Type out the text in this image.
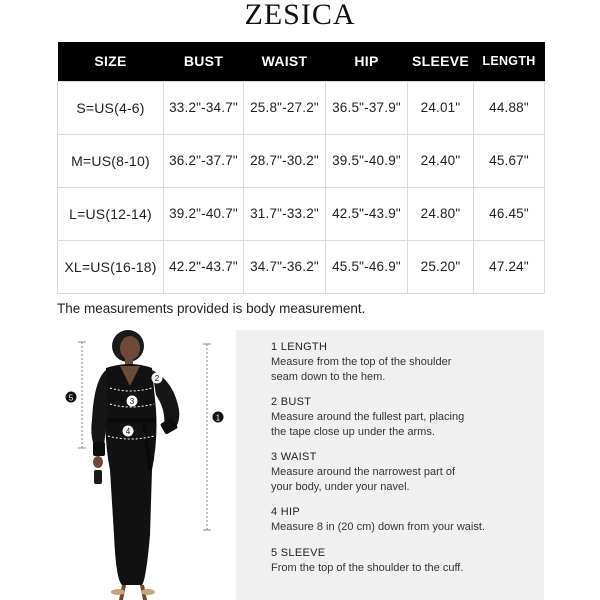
ZESICA
SIZE	BUST	WAIST	HIP	SLEEVE	LENGTH
S=US(4-6)	33.2"-34.7"	25.8"-27.2"	36.5"-37.9"	24.01"	44.88"
M=US(8-10)	36.2"-37.7"	28.7"-30.2"	39.5"-40.9"	24.40"	45.67"
L=US(12-14)	39.2"-40.7"	31.7"-33.2"	42.5"-43.9"	24.80"	46.45"
XL=US(16-18)	42.2"-43.7"	34.7"-36.2"	45.5"-46.9"	25.20"	47.24"
The measurements provided is body measurement.
1
2
3
4
5
1 LENGTH
Measure from the top of the shoulder
seam down to the hem.
2 BUST
Measure around the fullest part, placing
the tape close up under the arms.
3 WAIST
Measure around the narrowest part of
your body, under your navel.
4 HIP
Measure 8 in (20 cm) down from your waist.
5 SLEEVE
From the top of the shoulder to the cuff.
